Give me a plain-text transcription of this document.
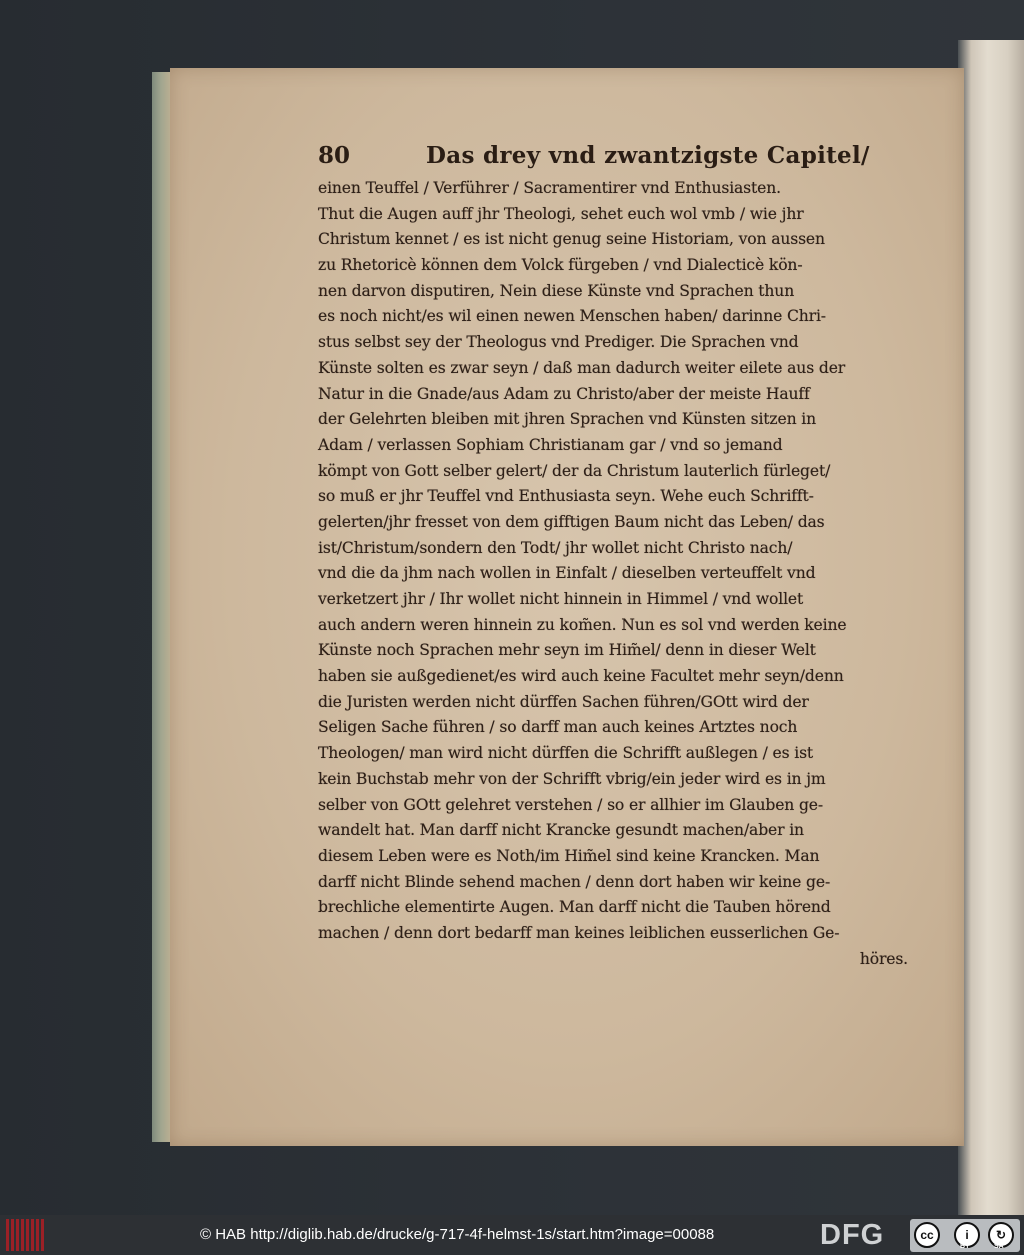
80	Das drey vnd zwantzigste Capitel/
einen Teuffel / Verführer / Sacramentirer vnd Enthusiasten.
Thut die Augen auff jhr Theologi, sehet euch wol vmb / wie jhr
Christum kennet / es ist nicht genug seine Historiam, von aussen
zu Rhetoricè können dem Volck fürgeben / vnd Dialecticè kön-
nen darvon disputiren, Nein diese Künste vnd Sprachen thun
es noch nicht/es wil einen newen Menschen haben/ darinne Chri-
stus selbst sey der Theologus vnd Prediger. Die Sprachen vnd
Künste solten es zwar seyn / daß man dadurch weiter eilete aus der
Natur in die Gnade/aus Adam zu Christo/aber der meiste Hauff
der Gelehrten bleiben mit jhren Sprachen vnd Künsten sitzen in
Adam / verlassen Sophiam Christianam gar / vnd so jemand
kömpt von Gott selber gelert/ der da Christum lauterlich fürleget/
so muß er jhr Teuffel vnd Enthusiasta seyn. Wehe euch Schrifft-
gelerten/jhr fresset von dem gifftigen Baum nicht das Leben/ das
ist/Christum/sondern den Todt/ jhr wollet nicht Christo nach/
vnd die da jhm nach wollen in Einfalt / dieselben verteuffelt vnd
verketzert jhr / Ihr wollet nicht hinnein in Himmel / vnd wollet
auch andern weren hinnein zu kom̃en. Nun es sol vnd werden keine
Künste noch Sprachen mehr seyn im Him̃el/ denn in dieser Welt
haben sie außgedienet/es wird auch keine Facultet mehr seyn/denn
die Juristen werden nicht dürffen Sachen führen/GOtt wird der
Seligen Sache führen / so darff man auch keines Artztes noch
Theologen/ man wird nicht dürffen die Schrifft außlegen / es ist
kein Buchstab mehr von der Schrifft vbrig/ein jeder wird es in jm
selber von GOtt gelehret verstehen / so er allhier im Glauben ge-
wandelt hat. Man darff nicht Krancke gesundt machen/aber in
diesem Leben were es Noth/im Him̃el sind keine Krancken. Man
darff nicht Blinde sehend machen / denn dort haben wir keine ge-
brechliche elementirte Augen. Man darff nicht die Tauben hörend
machen / denn dort bedarff man keines leiblichen eusserlichen Ge-
höres.
© HAB http://diglib.hab.de/drucke/g-717-4f-helmst-1s/start.htm?image=00088	DFG	cc	i	↻
BY	SA
